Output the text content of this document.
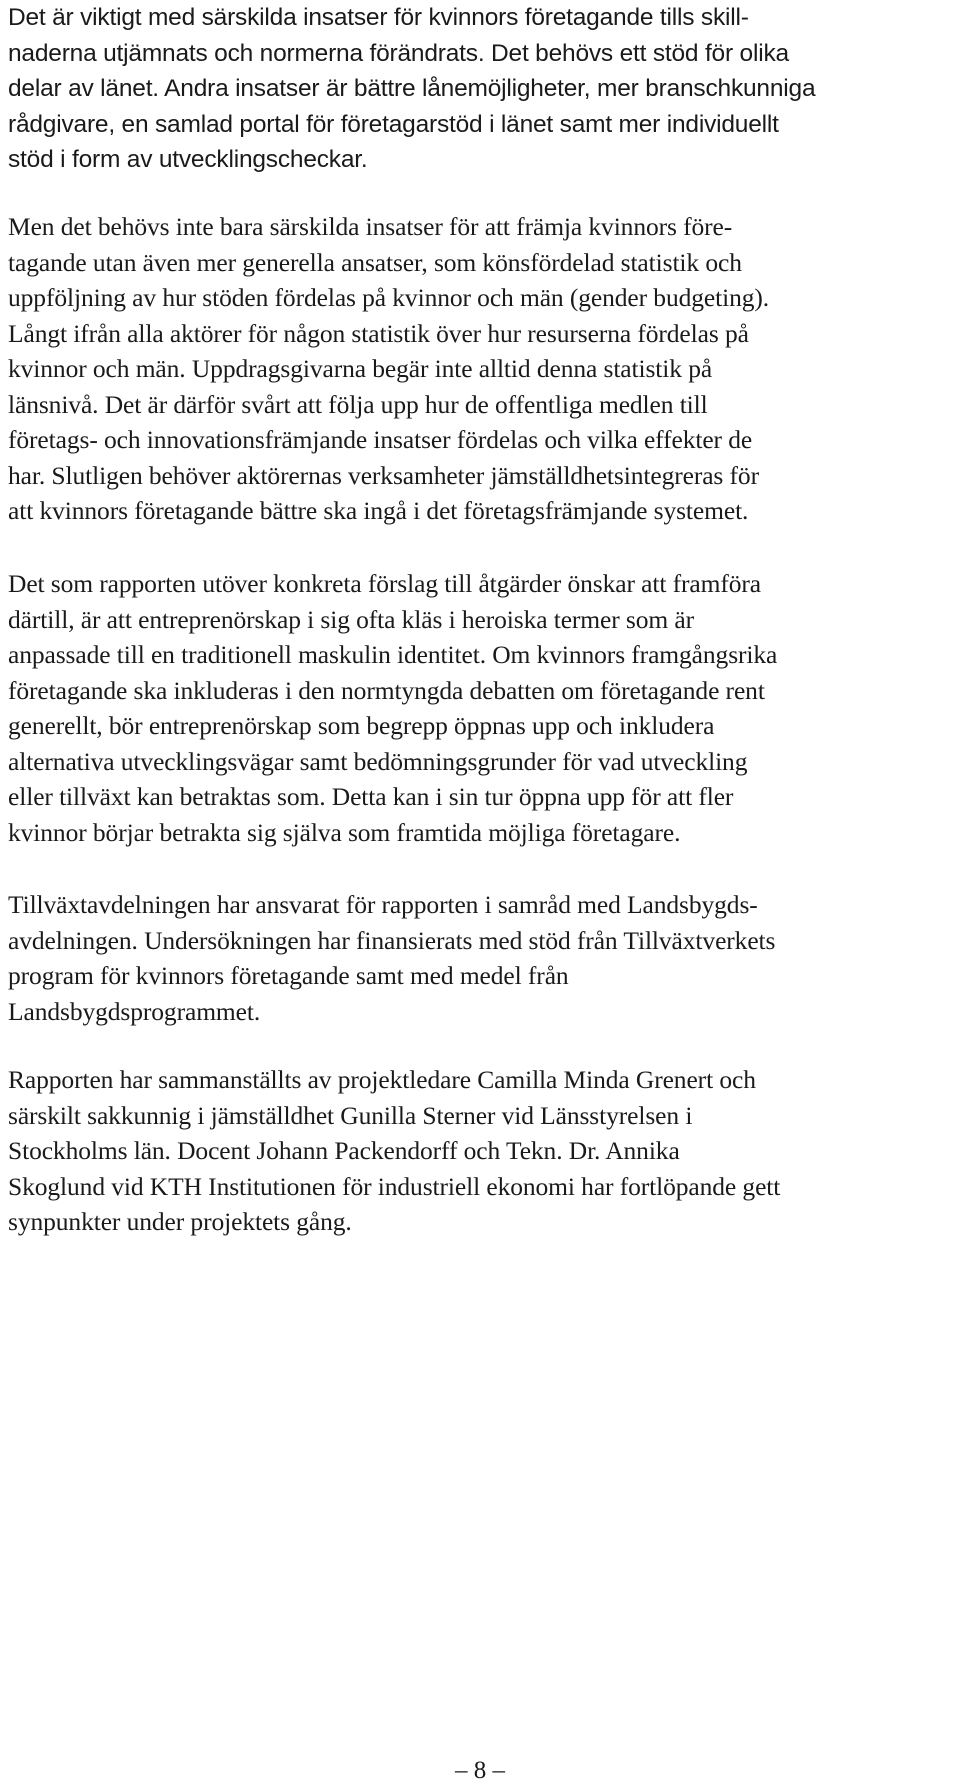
Det är viktigt med särskilda insatser för kvinnors företagande tills skill-
naderna utjämnats och normerna förändrats. Det behövs ett stöd för olika
delar av länet. Andra insatser är bättre lånemöjligheter, mer branschkunniga
rådgivare, en samlad portal för företagarstöd i länet samt mer individuellt
stöd i form av utvecklingscheckar.

Men det behövs inte bara särskilda insatser för att främja kvinnors före-
tagande utan även mer generella ansatser, som könsfördelad statistik och
uppföljning av hur stöden fördelas på kvinnor och män (gender budgeting).
Långt ifrån alla aktörer för någon statistik över hur resurserna fördelas på
kvinnor och män. Uppdragsgivarna begär inte alltid denna statistik på
länsnivå. Det är därför svårt att följa upp hur de offentliga medlen till
företags- och innovationsfrämjande insatser fördelas och vilka effekter de
har. Slutligen behöver aktörernas verksamheter jämställdhetsintegreras för
att kvinnors företagande bättre ska ingå i det företagsfrämjande systemet.

Det som rapporten utöver konkreta förslag till åtgärder önskar att framföra
därtill, är att entreprenörskap i sig ofta kläs i heroiska termer som är
anpassade till en traditionell maskulin identitet. Om kvinnors framgångsrika
företagande ska inkluderas i den normtyngda debatten om företagande rent
generellt, bör entreprenörskap som begrepp öppnas upp och inkludera
alternativa utvecklingsvägar samt bedömningsgrunder för vad utveckling
eller tillväxt kan betraktas som. Detta kan i sin tur öppna upp för att fler
kvinnor börjar betrakta sig själva som framtida möjliga företagare.

Tillväxtavdelningen har ansvarat för rapporten i samråd med Landsbygds-
avdelningen. Undersökningen har finansierats med stöd från Tillväxtverkets
program för kvinnors företagande samt med medel från
Landsbygdsprogrammet.

Rapporten har sammanställts av projektledare Camilla Minda Grenert och
särskilt sakkunnig i jämställdhet Gunilla Sterner vid Länsstyrelsen i
Stockholms län. Docent Johann Packendorff och Tekn. Dr. Annika
Skoglund vid KTH Institutionen för industriell ekonomi har fortlöpande gett
synpunkter under projektets gång.

– 8 –
